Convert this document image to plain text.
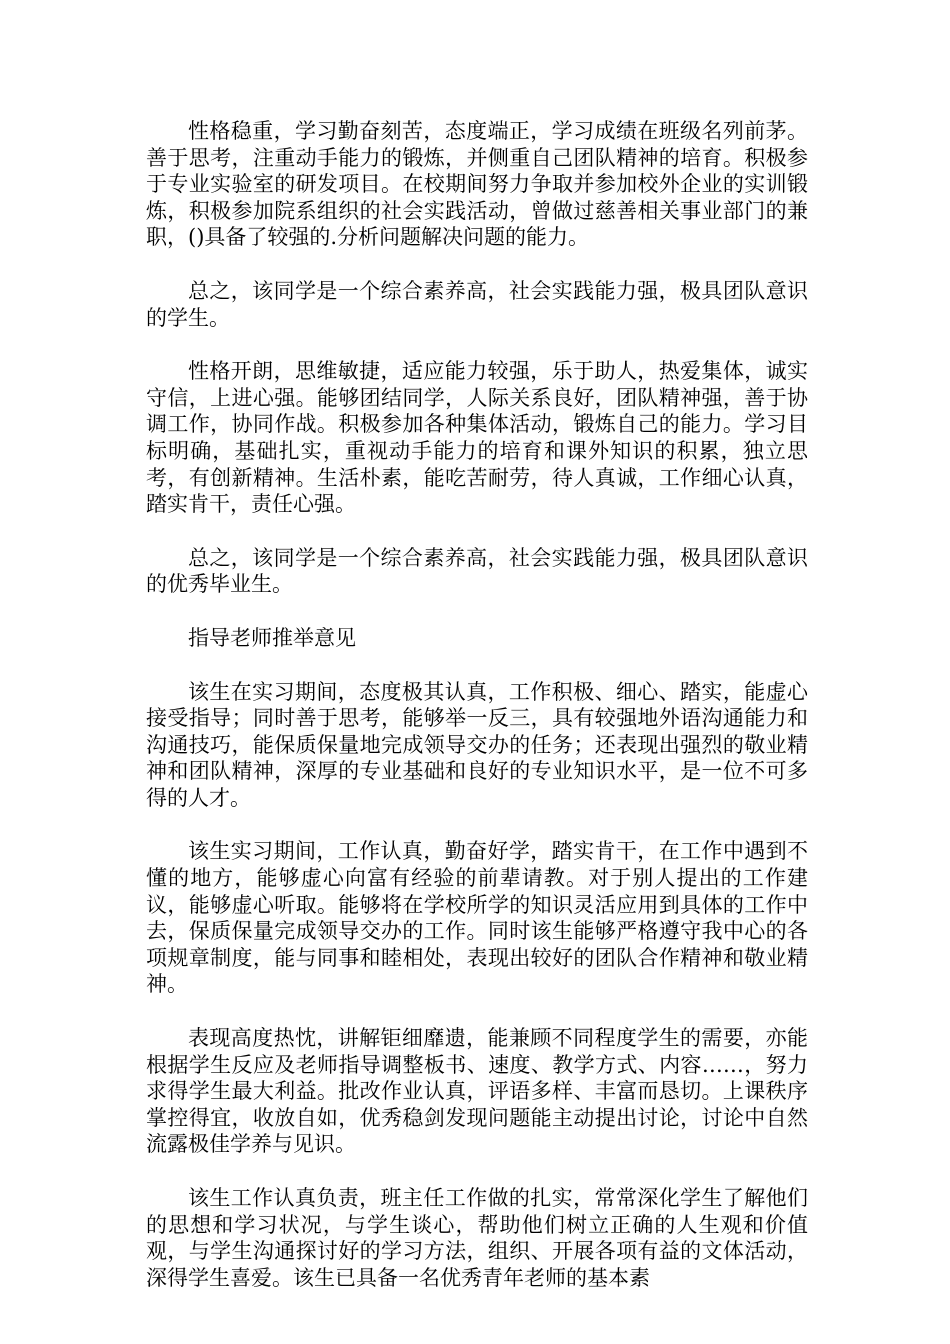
性格稳重，学习勤奋刻苦，态度端正，学习成绩在班级名列前茅。善于思考，注重动手能力的锻炼，并侧重自己团队精神的培育。积极参于专业实验室的研发项目。在校期间努力争取并参加校外企业的实训锻炼，积极参加院系组织的社会实践活动，曾做过慈善相关事业部门的兼职，()具备了较强的.分析问题解决问题的能力。

总之，该同学是一个综合素养高，社会实践能力强，极具团队意识的学生。

性格开朗，思维敏捷，适应能力较强，乐于助人，热爱集体，诚实守信，上进心强。能够团结同学，人际关系良好，团队精神强，善于协调工作，协同作战。积极参加各种集体活动，锻炼自己的能力。学习目标明确，基础扎实，重视动手能力的培育和课外知识的积累，独立思考，有创新精神。生活朴素，能吃苦耐劳，待人真诚，工作细心认真，踏实肯干，责任心强。

总之，该同学是一个综合素养高，社会实践能力强，极具团队意识的优秀毕业生。

指导老师推举意见

该生在实习期间，态度极其认真，工作积极、细心、踏实，能虚心接受指导；同时善于思考，能够举一反三，具有较强地外语沟通能力和沟通技巧，能保质保量地完成领导交办的任务；还表现出强烈的敬业精神和团队精神，深厚的专业基础和良好的专业知识水平，是一位不可多得的人才。

该生实习期间，工作认真，勤奋好学，踏实肯干，在工作中遇到不懂的地方，能够虚心向富有经验的前辈请教。对于别人提出的工作建议，能够虚心听取。能够将在学校所学的知识灵活应用到具体的工作中去，保质保量完成领导交办的工作。同时该生能够严格遵守我中心的各项规章制度，能与同事和睦相处，表现出较好的团队合作精神和敬业精神。

表现高度热忱，讲解钜细靡遗，能兼顾不同程度学生的需要，亦能根据学生反应及老师指导调整板书、速度、教学方式、内容……，努力求得学生最大利益。批改作业认真，评语多样、丰富而恳切。上课秩序掌控得宜，收放自如，优秀稳剑发现问题能主动提出讨论，讨论中自然流露极佳学养与见识。

该生工作认真负责，班主任工作做的扎实，常常深化学生了解他们的思想和学习状况，与学生谈心，帮助他们树立正确的人生观和价值观，与学生沟通探讨好的学习方法，组织、开展各项有益的文体活动，深得学生喜爱。该生已具备一名优秀青年老师的基本素
